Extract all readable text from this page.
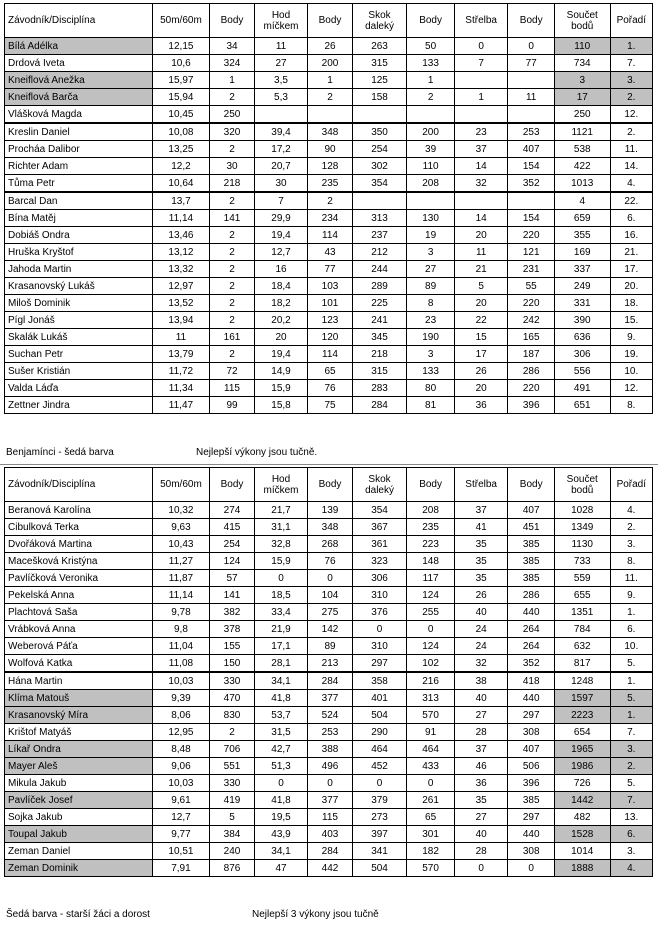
Závodník/Disciplína	50m/60m	Body	Hod míčkem	Body	Skok daleký	Body	Střelba	Body	Součet bodů	Pořadí
Bílá Adélka	12,15	34	11	26	263	50	0	0	110	1.
Drdová Iveta	10,6	324	27	200	315	133	7	77	734	7.
Kneiflová Anežka	15,97	1	3,5	1	125	1			3	3.
Kneiflová Barča	15,94	2	5,3	2	158	2	1	11	17	2.
Vlášková Magda	10,45	250							250	12.
Kreslin Daniel	10,08	320	39,4	348	350	200	23	253	1121	2.
Procháa Dalibor	13,25	2	17,2	90	254	39	37	407	538	11.
Richter Adam	12,2	30	20,7	128	302	110	14	154	422	14.
Tůma Petr	10,64	218	30	235	354	208	32	352	1013	4.
Barcal Dan	13,7	2	7	2					4	22.
Bína Matěj	11,14	141	29,9	234	313	130	14	154	659	6.
Dobiáš Ondra	13,46	2	19,4	114	237	19	20	220	355	16.
Hruška Kryštof	13,12	2	12,7	43	212	3	11	121	169	21.
Jahoda Martin	13,32	2	16	77	244	27	21	231	337	17.
Krasanovský Lukáš	12,97	2	18,4	103	289	89	5	55	249	20.
Miloš Dominik	13,52	2	18,2	101	225	8	20	220	331	18.
Pígl Jonáš	13,94	2	20,2	123	241	23	22	242	390	15.
Skalák Lukáš	11	161	20	120	345	190	15	165	636	9.
Suchan Petr	13,79	2	19,4	114	218	3	17	187	306	19.
Sušer Kristián	11,72	72	14,9	65	315	133	26	286	556	10.
Valda Láďa	11,34	115	15,9	76	283	80	20	220	491	12.
Zettner Jindra	11,47	99	15,8	75	284	81	36	396	651	8.
Benjamínci - šedá barva	Nejlepší výkony jsou tučně.
Závodník/Disciplína	50m/60m	Body	Hod míčkem	Body	Skok daleký	Body	Střelba	Body	Součet bodů	Pořadí
Beranová Karolína	10,32	274	21,7	139	354	208	37	407	1028	4.
Cibulková Terka	9,63	415	31,1	348	367	235	41	451	1349	2.
Dvořáková Martina	10,43	254	32,8	268	361	223	35	385	1130	3.
Macešková Kristýna	11,27	124	15,9	76	323	148	35	385	733	8.
Pavlíčková Veronika	11,87	57	0	0	306	117	35	385	559	11.
Pekelská Anna	11,14	141	18,5	104	310	124	26	286	655	9.
Plachtová Saša	9,78	382	33,4	275	376	255	40	440	1351	1.
Vrábková Anna	9,8	378	21,9	142	0	0	24	264	784	6.
Weberová Páťa	11,04	155	17,1	89	310	124	24	264	632	10.
Wolfová Katka	11,08	150	28,1	213	297	102	32	352	817	5.
Hána Martin	10,03	330	34,1	284	358	216	38	418	1248	1.
Klíma Matouš	9,39	470	41,8	377	401	313	40	440	1597	5.
Krasanovský Míra	8,06	830	53,7	524	504	570	27	297	2223	1.
Krištof Matyáš	12,95	2	31,5	253	290	91	28	308	654	7.
Líkař Ondra	8,48	706	42,7	388	464	464	37	407	1965	3.
Mayer Aleš	9,06	551	51,3	496	452	433	46	506	1986	2.
Mikula Jakub	10,03	330	0	0	0	0	36	396	726	5.
Pavlíček Josef	9,61	419	41,8	377	379	261	35	385	1442	7.
Sojka Jakub	12,7	5	19,5	115	273	65	27	297	482	13.
Toupal Jakub	9,77	384	43,9	403	397	301	40	440	1528	6.
Zeman Daniel	10,51	240	34,1	284	341	182	28	308	1014	3.
Zeman Dominik	7,91	876	47	442	504	570	0	0	1888	4.
Šedá barva - starší žáci a dorost	Nejlepší 3 výkony jsou tučně
